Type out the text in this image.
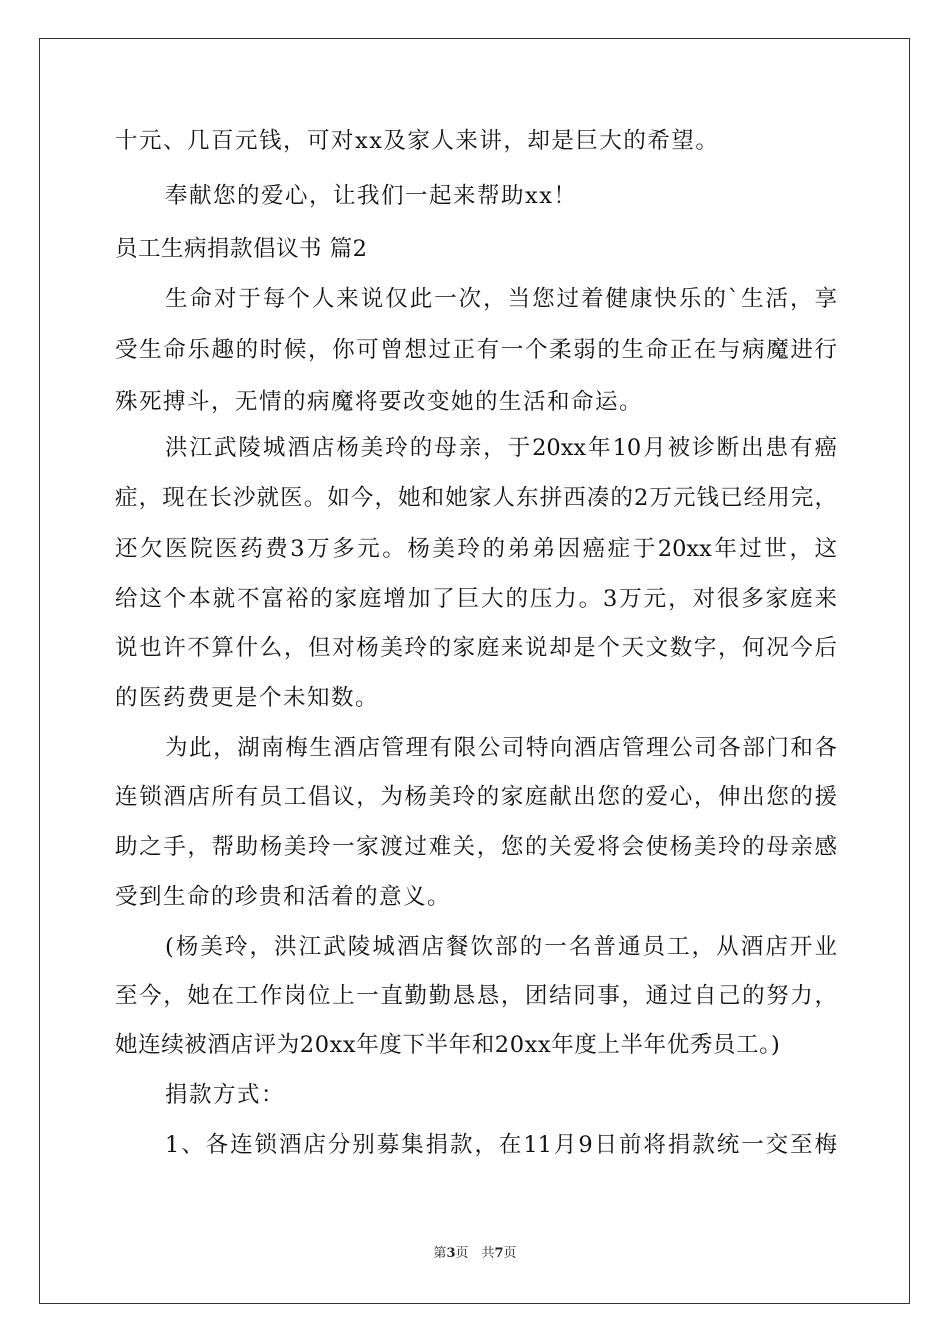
十元、几百元钱，可对xx及家人来讲，却是巨大的希望。
奉献您的爱心，让我们一起来帮助xx！
员工生病捐款倡议书 篇2
生命对于每个人来说仅此一次，当您过着健康快乐的`生活，享
受生命乐趣的时候，你可曾想过正有一个柔弱的生命正在与病魔进行
殊死搏斗，无情的病魔将要改变她的生活和命运。
洪江武陵城酒店杨美玲的母亲，于20xx年10月被诊断出患有癌
症，现在长沙就医。如今，她和她家人东拼西凑的2万元钱已经用完，
还欠医院医药费3万多元。杨美玲的弟弟因癌症于20xx年过世，这
给这个本就不富裕的家庭增加了巨大的压力。3万元，对很多家庭来
说也许不算什么，但对杨美玲的家庭来说却是个天文数字，何况今后
的医药费更是个未知数。
为此，湖南梅生酒店管理有限公司特向酒店管理公司各部门和各
连锁酒店所有员工倡议，为杨美玲的家庭献出您的爱心，伸出您的援
助之手，帮助杨美玲一家渡过难关，您的关爱将会使杨美玲的母亲感
受到生命的珍贵和活着的意义。
(杨美玲，洪江武陵城酒店餐饮部的一名普通员工，从酒店开业
至今，她在工作岗位上一直勤勤恳恳，团结同事，通过自己的努力，
她连续被酒店评为20xx年度下半年和20xx年度上半年优秀员工。)
捐款方式：
1、各连锁酒店分别募集捐款，在11月9日前将捐款统一交至梅
第3页　共7页
